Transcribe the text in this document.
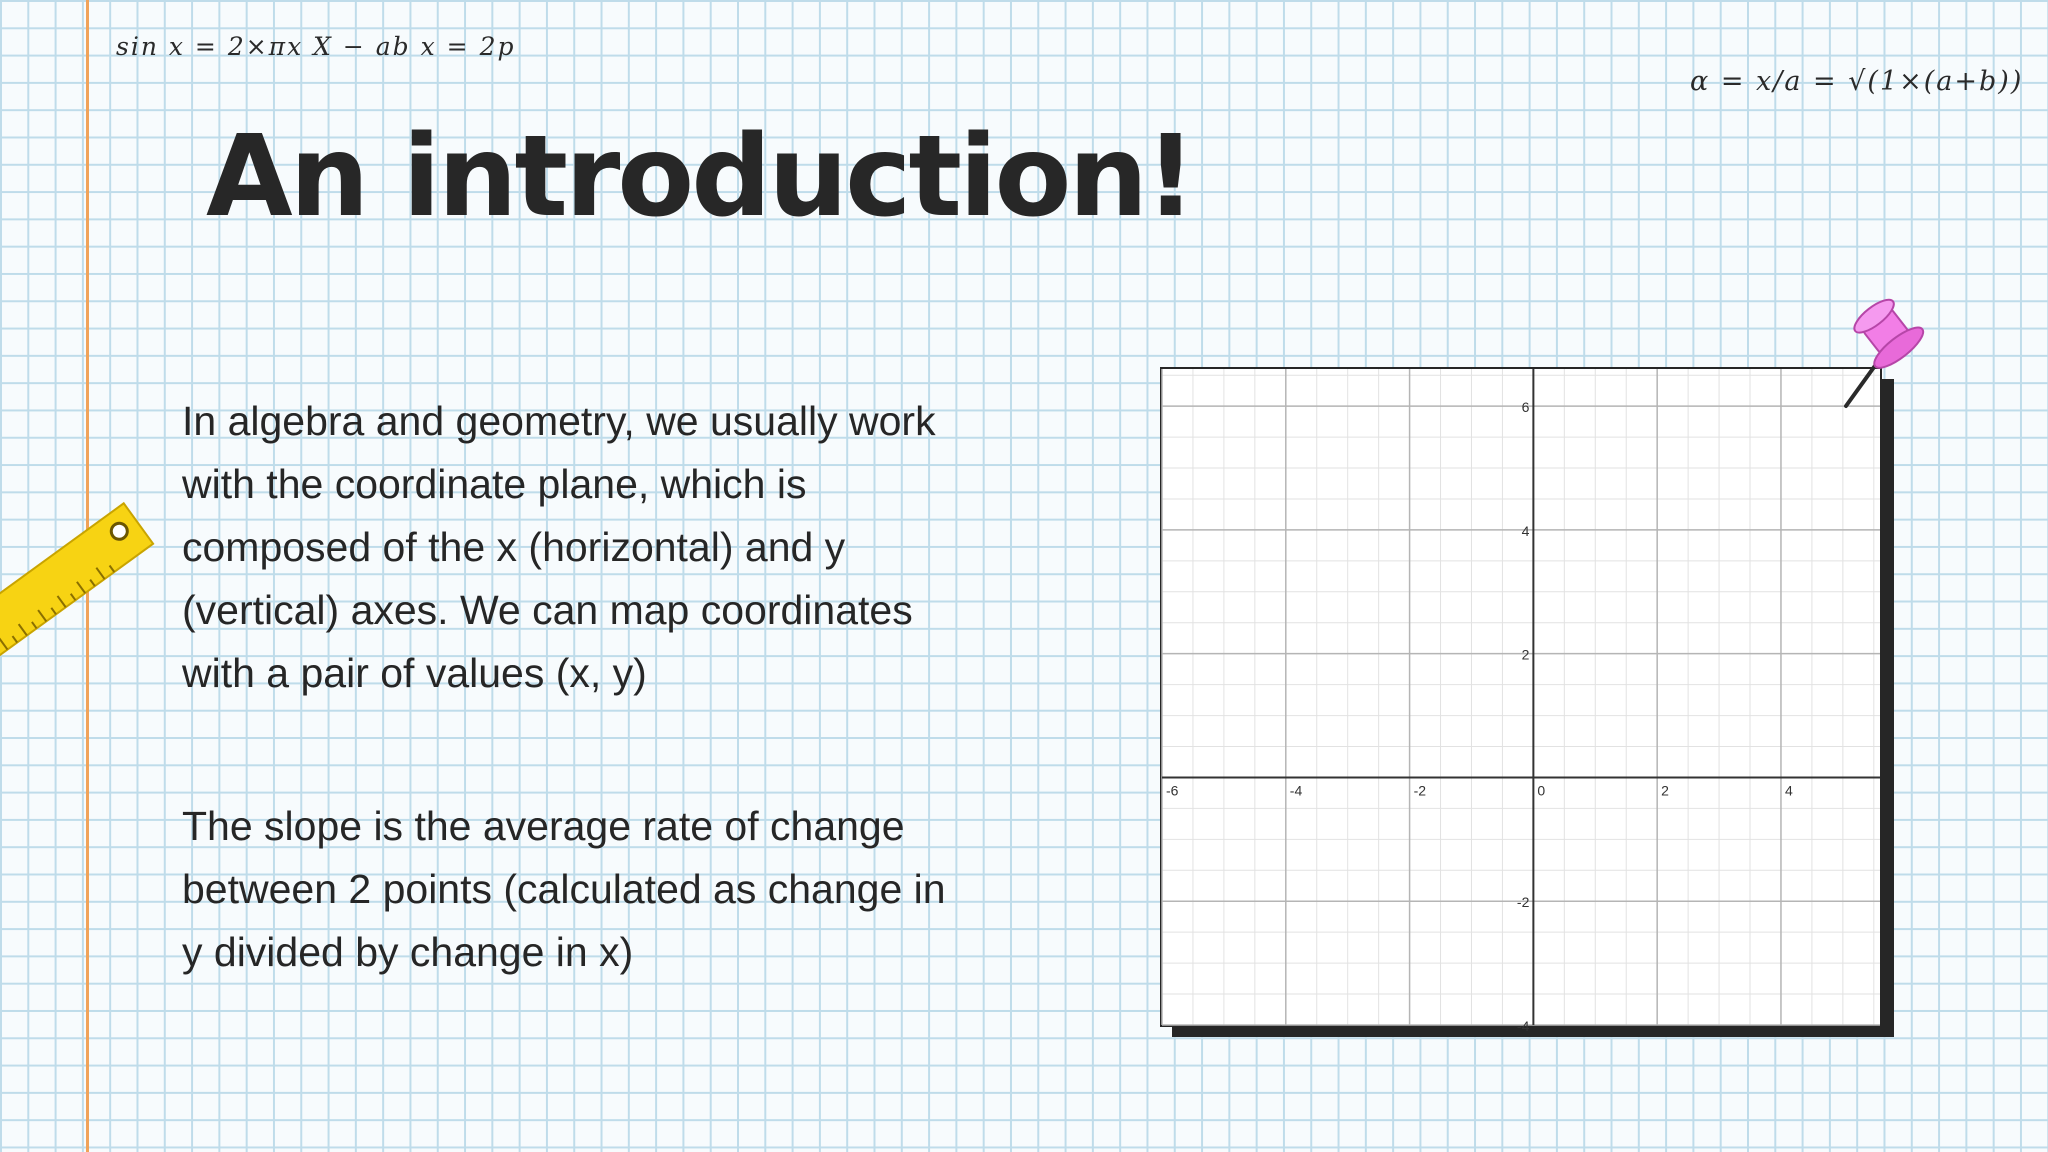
sin x = 2×πx X − ab x = 2p
α = x/a = √(1×(a+b))
An introduction!
In algebra and geometry, we usually work with the coordinate plane, which is composed of the x (horizontal) and y (vertical) axes. We can map coordinates with a pair of values (x, y)
The slope is the average rate of change between 2 points (calculated as change in y divided by change in x)
-6	-4	-2	0	2	4
6
4
2
-2
-4
